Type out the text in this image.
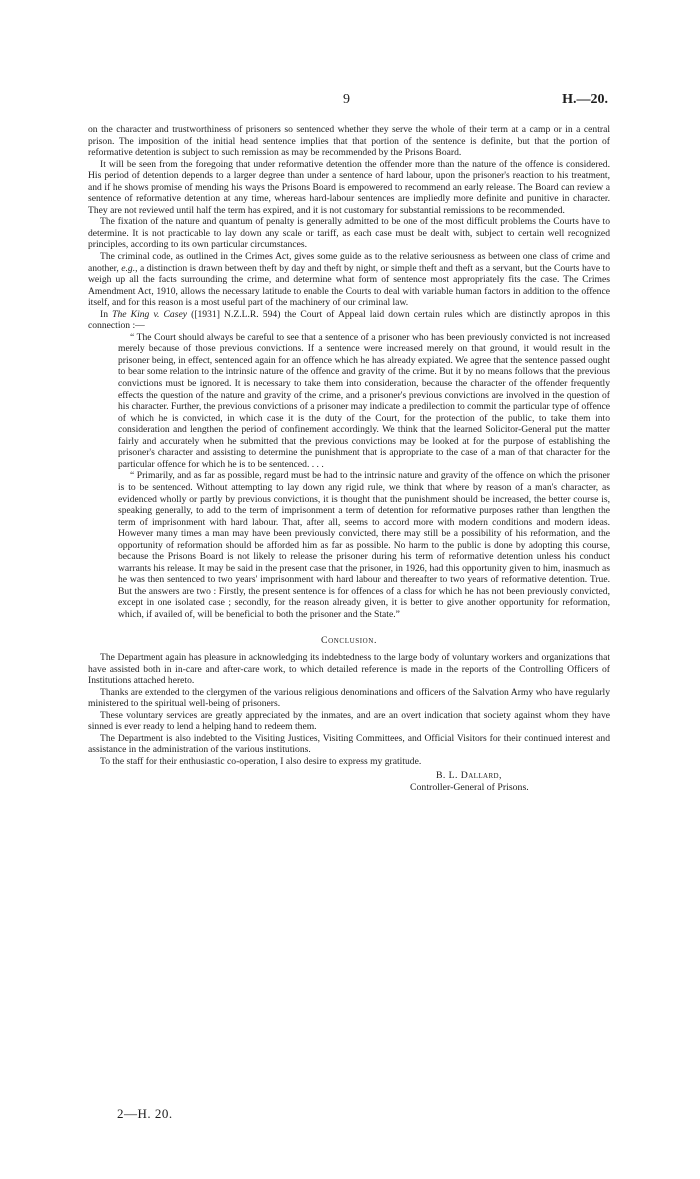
9	H.—20.

on the character and trustworthiness of prisoners so sentenced whether they serve the whole of their term at a camp or in a central prison. The imposition of the initial head sentence implies that that portion of the sentence is definite, but that the portion of reformative detention is subject to such remission as may be recommended by the Prisons Board.

It will be seen from the foregoing that under reformative detention the offender more than the nature of the offence is considered. His period of detention depends to a larger degree than under a sentence of hard labour, upon the prisoner's reaction to his treatment, and if he shows promise of mending his ways the Prisons Board is empowered to recommend an early release. The Board can review a sentence of reformative detention at any time, whereas hard-labour sentences are impliedly more definite and punitive in character. They are not reviewed until half the term has expired, and it is not customary for substantial remissions to be recommended.

The fixation of the nature and quantum of penalty is generally admitted to be one of the most difficult problems the Courts have to determine. It is not practicable to lay down any scale or tariff, as each case must be dealt with, subject to certain well recognized principles, according to its own particular circumstances.

The criminal code, as outlined in the Crimes Act, gives some guide as to the relative seriousness as between one class of crime and another, e.g., a distinction is drawn between theft by day and theft by night, or simple theft and theft as a servant, but the Courts have to weigh up all the facts surrounding the crime, and determine what form of sentence most appropriately fits the case. The Crimes Amendment Act, 1910, allows the necessary latitude to enable the Courts to deal with variable human factors in addition to the offence itself, and for this reason is a most useful part of the machinery of our criminal law.

In The King v. Casey ([1931] N.Z.L.R. 594) the Court of Appeal laid down certain rules which are distinctly apropos in this connection :—

“ The Court should always be careful to see that a sentence of a prisoner who has been previously convicted is not increased merely because of those previous convictions. If a sentence were increased merely on that ground, it would result in the prisoner being, in effect, sentenced again for an offence which he has already expiated. We agree that the sentence passed ought to bear some relation to the intrinsic nature of the offence and gravity of the crime. But it by no means follows that the previous convictions must be ignored. It is necessary to take them into consideration, because the character of the offender frequently effects the question of the nature and gravity of the crime, and a prisoner's previous convictions are involved in the question of his character. Further, the previous convictions of a prisoner may indicate a predilection to commit the particular type of offence of which he is convicted, in which case it is the duty of the Court, for the protection of the public, to take them into consideration and lengthen the period of confinement accordingly. We think that the learned Solicitor-General put the matter fairly and accurately when he submitted that the previous convictions may be looked at for the purpose of establishing the prisoner's character and assisting to determine the punishment that is appropriate to the case of a man of that character for the particular offence for which he is to be sentenced. . . .

“ Primarily, and as far as possible, regard must be had to the intrinsic nature and gravity of the offence on which the prisoner is to be sentenced. Without attempting to lay down any rigid rule, we think that where by reason of a man's character, as evidenced wholly or partly by previous convictions, it is thought that the punishment should be increased, the better course is, speaking generally, to add to the term of imprisonment a term of detention for reformative purposes rather than lengthen the term of imprisonment with hard labour. That, after all, seems to accord more with modern conditions and modern ideas. However many times a man may have been previously convicted, there may still be a possibility of his reformation, and the opportunity of reformation should be afforded him as far as possible. No harm to the public is done by adopting this course, because the Prisons Board is not likely to release the prisoner during his term of reformative detention unless his conduct warrants his release. It may be said in the present case that the prisoner, in 1926, had this opportunity given to him, inasmuch as he was then sentenced to two years' imprisonment with hard labour and thereafter to two years of reformative detention. True. But the answers are two : Firstly, the present sentence is for offences of a class for which he has not been previously convicted, except in one isolated case ; secondly, for the reason already given, it is better to give another opportunity for reformation, which, if availed of, will be beneficial to both the prisoner and the State.”

Conclusion.

The Department again has pleasure in acknowledging its indebtedness to the large body of voluntary workers and organizations that have assisted both in in-care and after-care work, to which detailed reference is made in the reports of the Controlling Officers of Institutions attached hereto.

Thanks are extended to the clergymen of the various religious denominations and officers of the Salvation Army who have regularly ministered to the spiritual well-being of prisoners.

These voluntary services are greatly appreciated by the inmates, and are an overt indication that society against whom they have sinned is ever ready to lend a helping hand to redeem them.

The Department is also indebted to the Visiting Justices, Visiting Committees, and Official Visitors for their continued interest and assistance in the administration of the various institutions.

To the staff for their enthusiastic co-operation, I also desire to express my gratitude.

B. L. Dallard,
Controller-General of Prisons.
2—H. 20.
